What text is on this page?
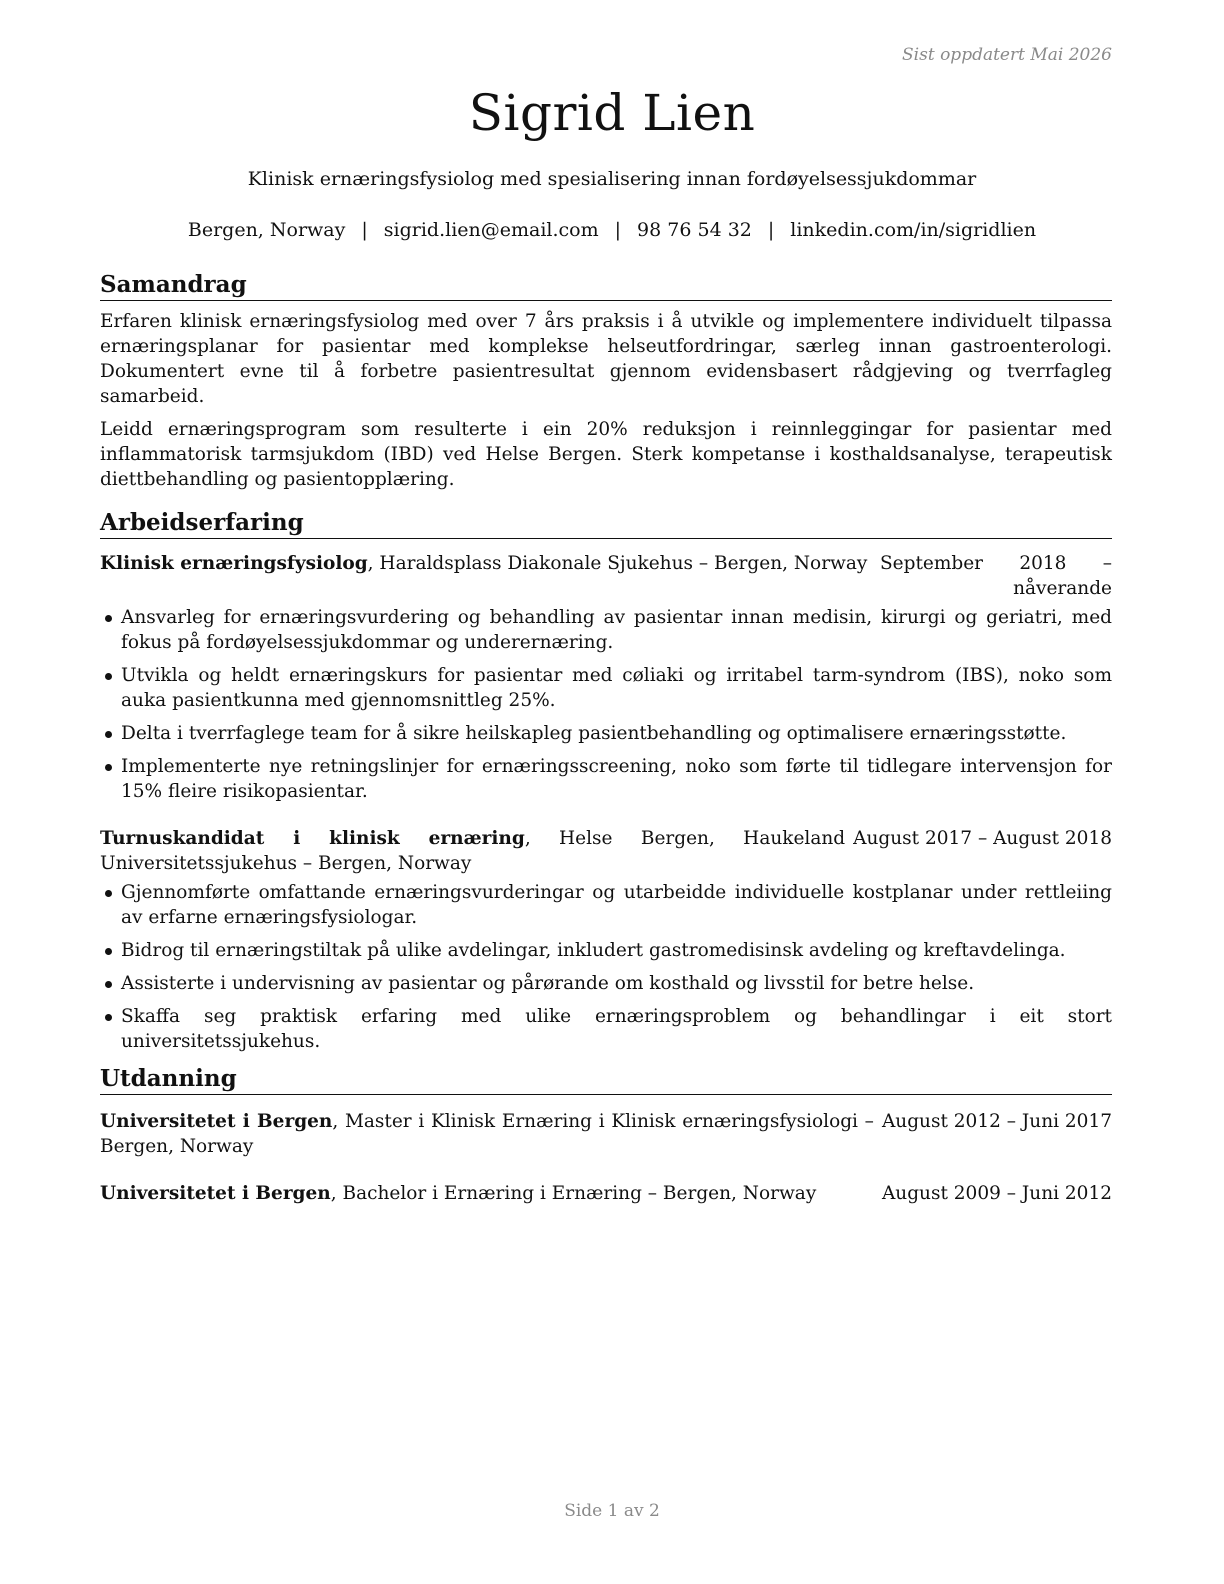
Sist oppdatert Mai 2026
Sigrid Lien
Klinisk ernæringsfysiolog med spesialisering innan fordøyelsessjukdommar
Bergen, Norway | sigrid.lien@email.com | 98 76 54 32 | linkedin.com/in/sigridlien
Samandrag

Erfaren klinisk ernæringsfysiolog med over 7 års praksis i å utvikle og implementere individuelt tilpassa ernæringsplanar for pasientar med komplekse helseutfordringar, særleg innan gastroenterologi. Dokumentert evne til å forbetre pasientresultat gjennom evidensbasert rådgjeving og tverrfagleg samarbeid.

Leidd ernæringsprogram som resulterte i ein 20% reduksjon i reinnleggingar for pasientar med inflammatorisk tarmsjukdom (IBD) ved Helse Bergen. Sterk kompetanse i kosthaldsanalyse, terapeutisk diettbehandling og pasientopplæring.

Arbeidserfaring
Klinisk ernæringsfysiolog, Haraldsplass Diakonale Sjukehus – Bergen, Norway September 2018 – nåverande
Ansvarleg for ernæringsvurdering og behandling av pasientar innan medisin, kirurgi og geriatri, med fokus på fordøyelsessjukdommar og underernæring.
Utvikla og heldt ernæringskurs for pasientar med cøliaki og irritabel tarm-syndrom (IBS), noko som auka pasientkunna med gjennomsnittleg 25%.
Delta i tverrfaglege team for å sikre heilskapleg pasientbehandling og optimalisere ernæringsstøtte.
Implementerte nye retningslinjer for ernæringsscreening, noko som førte til tidlegare intervensjon for 15% fleire risikopasientar.
Turnuskandidat i klinisk ernæring, Helse Bergen, Haukeland Universitetssjukehus – Bergen, Norway
August 2017 – August 2018
Gjennomførte omfattande ernæringsvurderingar og utarbeidde individuelle kostplanar under rettleiing av erfarne ernæringsfysiologar.
Bidrog til ernæringstiltak på ulike avdelingar, inkludert gastromedisinsk avdeling og kreftavdelinga.
Assisterte i undervisning av pasientar og pårørande om kosthald og livsstil for betre helse.
Skaffa seg praktisk erfaring med ulike ernæringsproblem og behandlingar i eit stort universitetssjukehus.
Utdanning
Universitetet i Bergen, Master i Klinisk Ernæring i Klinisk ernæringsfysiologi – Bergen, Norway
August 2012 – Juni 2017
Universitetet i Bergen, Bachelor i Ernæring i Ernæring – Bergen, Norway	August 2009 – Juni 2012
Side 1 av 2
